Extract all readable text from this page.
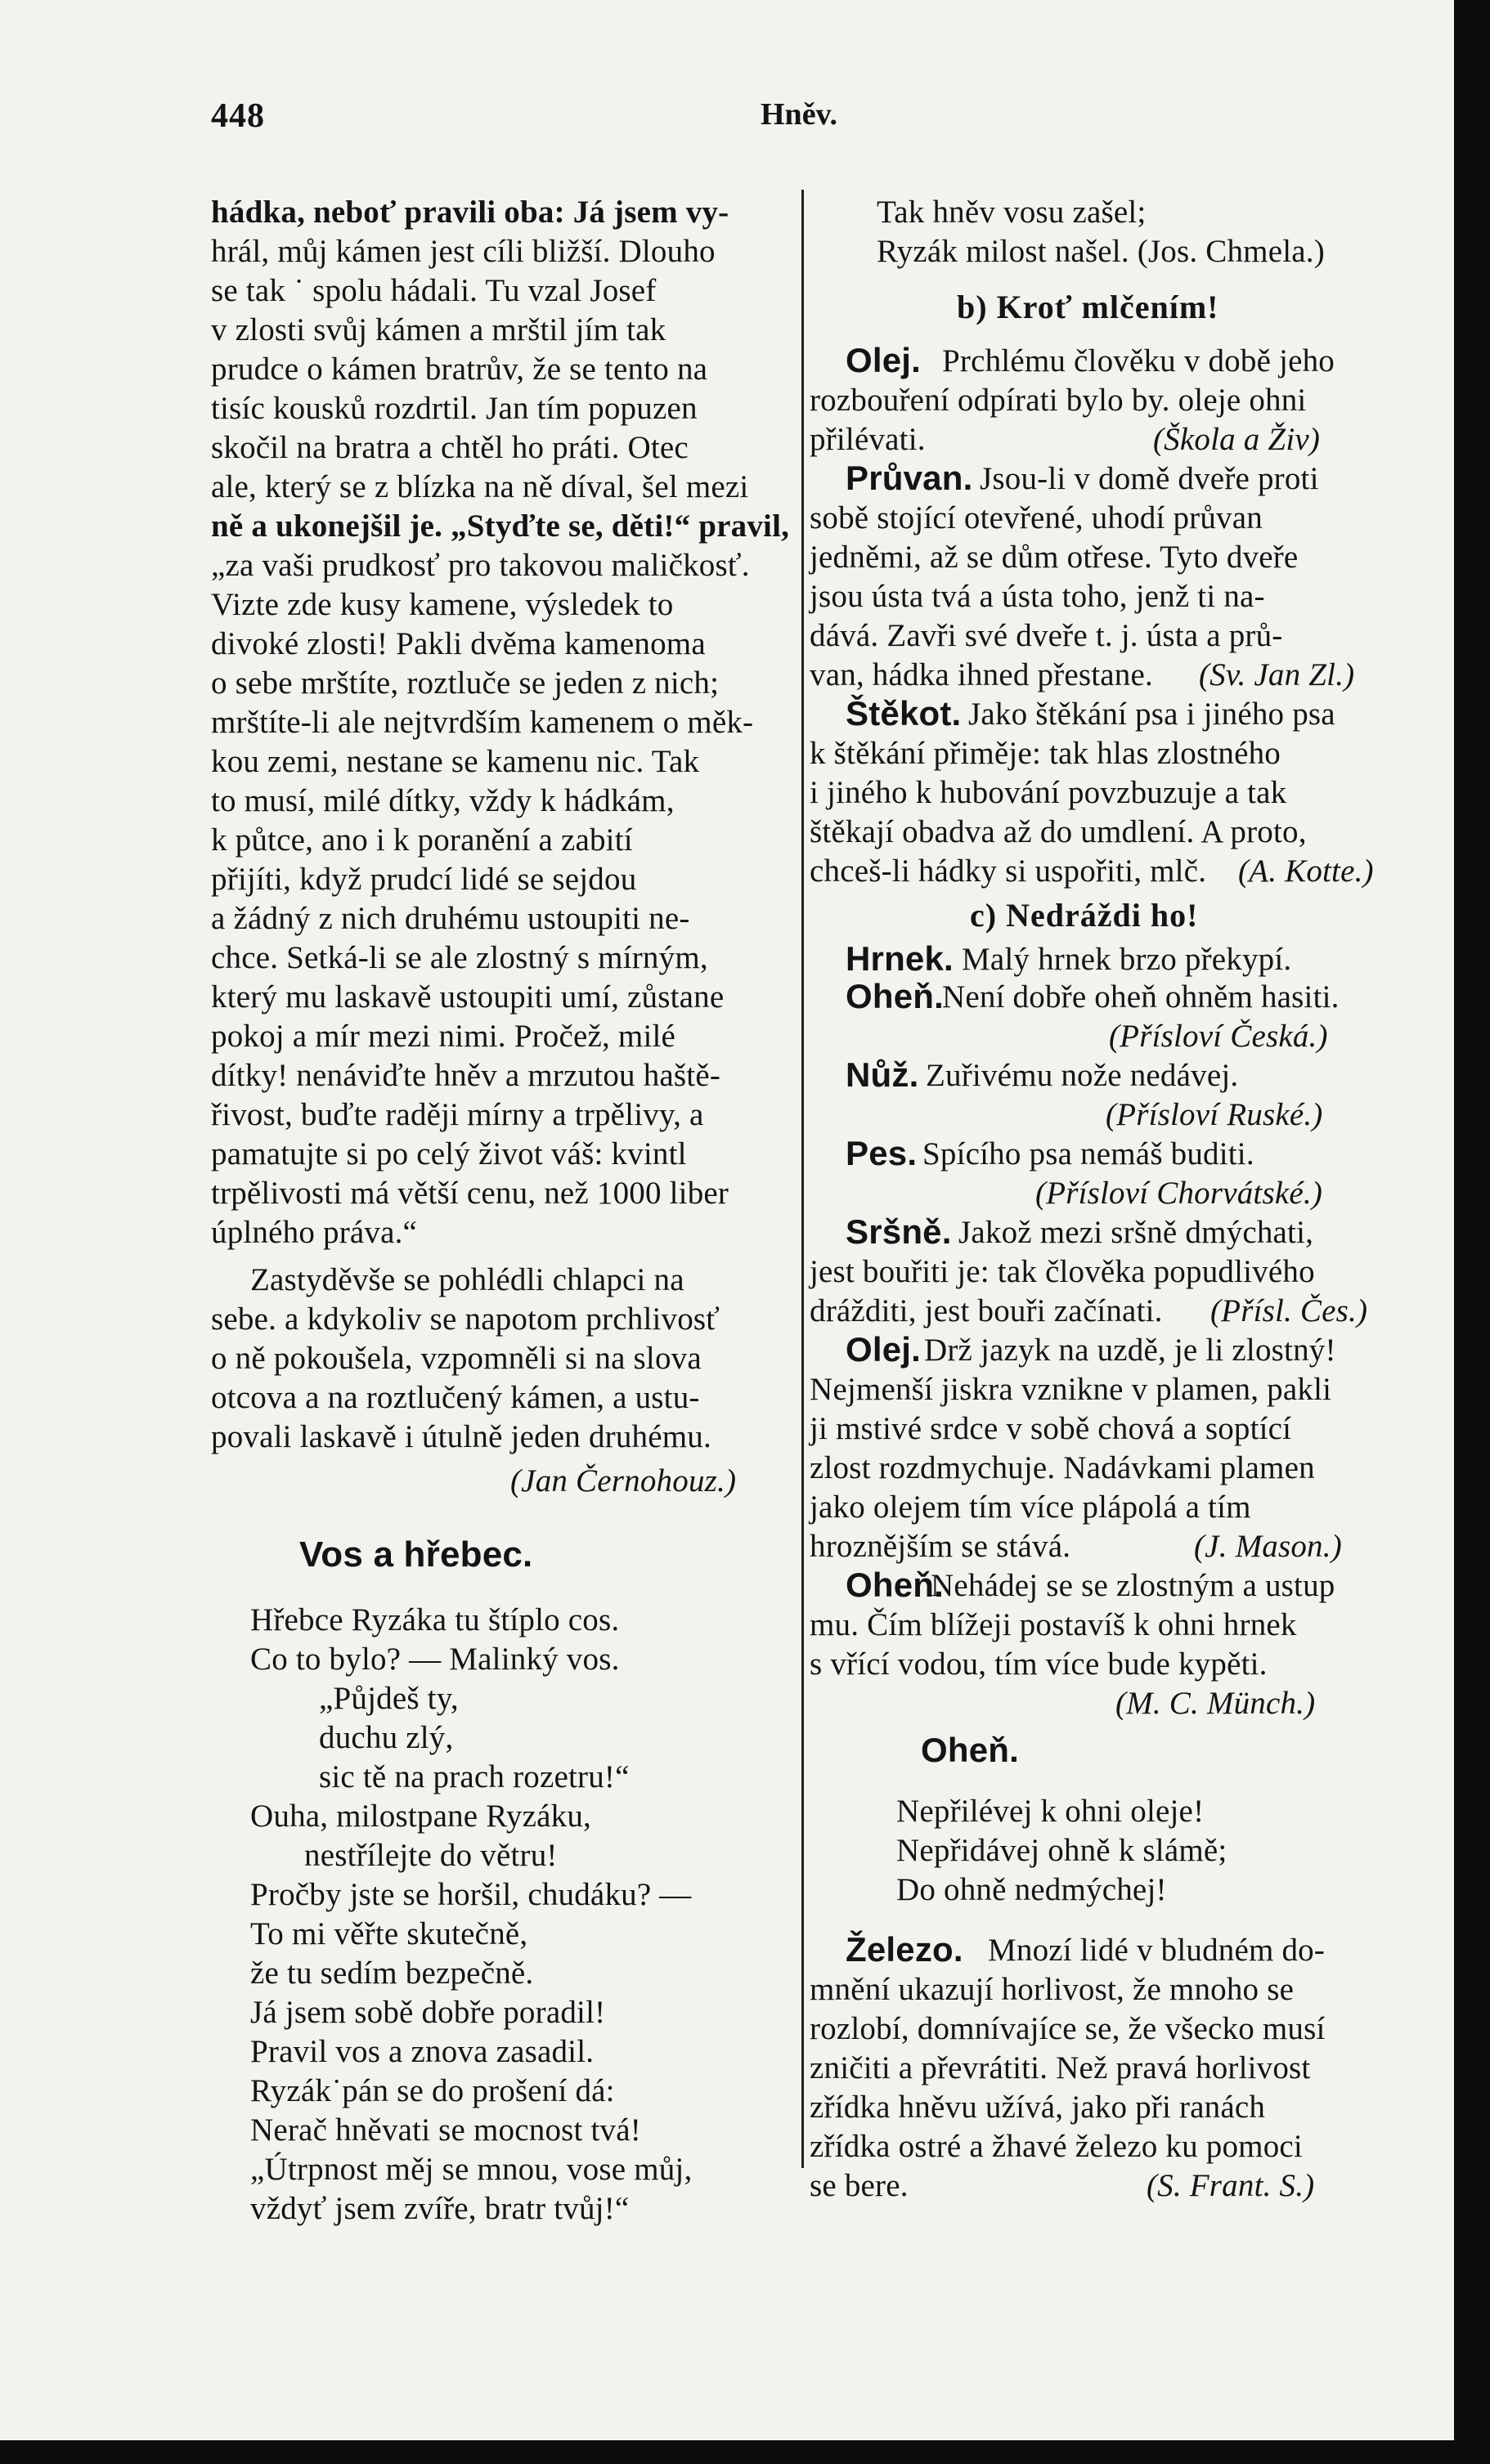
448	Hněv.
hádka, neboť pravili oba: Já jsem vy-
hrál, můj kámen jest cíli bližší. Dlouho
se tak ˙ spolu hádali. Tu vzal Josef
v zlosti svůj kámen a mrštil jím tak
prudce o kámen bratrův, že se tento na
tisíc kousků rozdrtil. Jan tím popuzen
skočil na bratra a chtěl ho práti. Otec
ale, který se z blízka na ně díval, šel mezi
ně a ukonejšil je. „Styďte se, děti!“ pravil,
„za vaši prudkosť pro takovou maličkosť.
Vizte zde kusy kamene, výsledek to
divoké zlosti! Pakli dvěma kamenoma
o sebe mrštíte, roztluče se jeden z nich;
mrštíte-li ale nejtvrdším kamenem o měk-
kou zemi, nestane se kamenu nic. Tak
to musí, milé dítky, vždy k hádkám,
k půtce, ano i k poranění a zabití
přijíti, když prudcí lidé se sejdou
a žádný z nich druhému ustoupiti ne-
chce. Setká-li se ale zlostný s mírným,
který mu laskavě ustoupiti umí, zůstane
pokoj a mír mezi nimi. Pročež, milé
dítky! nenáviďte hněv a mrzutou haště-
řivost, buďte raději mírny a trpělivy, a
pamatujte si po celý život váš: kvintl
trpělivosti má větší cenu, než 1000 liber
úplného práva.“
Zastyděvše se pohlédli chlapci na
sebe. a kdykoliv se napotom prchlivosť
o ně pokoušela, vzpomněli si na slova
otcova a na roztlučený kámen, a ustu-
povali laskavě i útulně jeden druhému.
(Jan Černohouz.)
Vos a hřebec.
Hřebce Ryzáka tu štíplo cos.
Co to bylo? — Malinký vos.
„Půjdeš ty,
duchu zlý,
sic tě na prach rozetru!“
Ouha, milostpane Ryzáku,
nestřílejte do větru!
Pročby jste se horšil, chudáku? —
To mi věřte skutečně,
že tu sedím bezpečně.
Já jsem sobě dobře poradil!
Pravil vos a znova zasadil.
Ryzák˙pán se do prošení dá:
Nerač hněvati se mocnost tvá!
„Útrpnost měj se mnou, vose můj,
vždyť jsem zvíře, bratr tvůj!“
Tak hněv vosu zašel;
Ryzák milost našel. (Jos. Chmela.)
b) Kroť mlčením!
Olej. Prchlému člověku v době jeho
rozbouření odpírati bylo by. oleje ohni
přilévati.	(Škola a Živ)
Průvan. Jsou-li v domě dveře proti
sobě stojící otevřené, uhodí průvan
jedněmi, až se dům otřese. Tyto dveře
jsou ústa tvá a ústa toho, jenž ti na-
dává. Zavři své dveře t. j. ústa a prů-
van, hádka ihned přestane. (Sv. Jan Zl.)
Štěkot. Jako štěkání psa i jiného psa
k štěkání přiměje: tak hlas zlostného
i jiného k hubování povzbuzuje a tak
štěkají obadva až do umdlení. A proto,
chceš-li hádky si uspořiti, mlč. (A. Kotte.)
c) Nedráždi ho!
Hrnek. Malý hrnek brzo překypí.
Oheň.
Není dobře oheň ohněm hasiti.
(Přísloví Česká.)
Nůž. Zuřivému nože nedávej.
(Přísloví Ruské.)
Pes. Spícího psa nemáš buditi.
(Přísloví Chorvátské.)
Sršně. Jakož mezi sršně dmýchati,
jest bouřiti je: tak člověka popudlivého
drážditi, jest bouři začínati. (Přísl. Čes.)
Olej. Drž jazyk na uzdě, je li zlostný!
Nejmenší jiskra vznikne v plamen, pakli
ji mstivé srdce v sobě chová a soptící
zlost rozdmychuje. Nadávkami plamen
jako olejem tím více plápolá a tím
hroznějším se stává.	(J. Mason.)
Oheň.
Nehádej se se zlostným a ustup
mu. Čím blížeji postavíš k ohni hrnek
s vřící vodou, tím více bude kypěti.
(M. C. Münch.)
Oheň.
Nepřilévej k ohni oleje!
Nepřidávej ohně k slámě;
Do ohně nedmýchej!
Železo. Mnozí lidé v bludném do-
mnění ukazují horlivost, že mnoho se
rozlobí, domnívajíce se, že všecko musí
zničiti a převrátiti. Než pravá horlivost
zřídka hněvu užívá, jako při ranách
zřídka ostré a žhavé železo ku pomoci
se bere.	(S. Frant. S.)
